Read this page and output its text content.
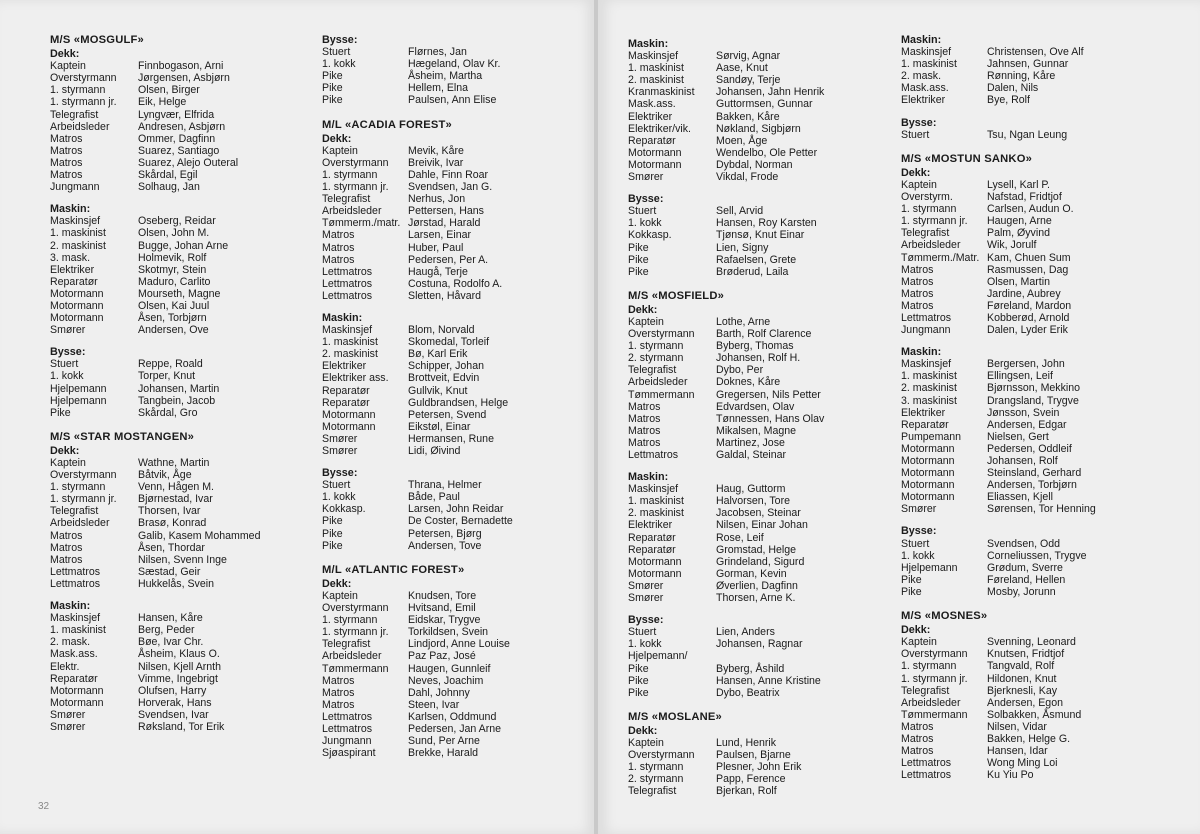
M/S «MOSGULF»
Dekk:
Kaptein	Finnbogason, Arni
Overstyrmann	Jørgensen, Asbjørn
1. styrmann	Olsen, Birger
1. styrmann jr.	Eik, Helge
Telegrafist	Lyngvær, Elfrida
Arbeidsleder	Andresen, Asbjørn
Matros	Ommer, Dagfinn
Matros	Suarez, Santiago
Matros	Suarez, Alejo Outeral
Matros	Skårdal, Egil
Jungmann	Solhaug, Jan
Maskin:
Maskinsjef	Oseberg, Reidar
1. maskinist	Olsen, John M.
2. maskinist	Bugge, Johan Arne
3. mask.	Holmevik, Rolf
Elektriker	Skotmyr, Stein
Reparatør	Maduro, Carlito
Motormann	Mourseth, Magne
Motormann	Olsen, Kai Juul
Motormann	Åsen, Torbjørn
Smører	Andersen, Ove
Bysse:
Stuert	Reppe, Roald
1. kokk	Torper, Knut
Hjelpemann	Johansen, Martin
Hjelpemann	Tangbein, Jacob
Pike	Skårdal, Gro
M/S «STAR MOSTANGEN»
Dekk:
Kaptein	Wathne, Martin
Overstyrmann	Båtvik, Åge
1. styrmann	Venn, Hågen M.
1. styrmann jr.	Bjørnestad, Ivar
Telegrafist	Thorsen, Ivar
Arbeidsleder	Brasø, Konrad
Matros	Galib, Kasem Mohammed
Matros	Åsen, Thordar
Matros	Nilsen, Svenn Inge
Lettmatros	Sæstad, Geir
Lettmatros	Hukkelås, Svein
Maskin:
Maskinsjef	Hansen, Kåre
1. maskinist	Berg, Peder
2. mask.	Bøe, Ivar Chr.
Mask.ass.	Åsheim, Klaus O.
Elektr.	Nilsen, Kjell Arnth
Reparatør	Vimme, Ingebrigt
Motormann	Olufsen, Harry
Motormann	Horverak, Hans
Smører	Svendsen, Ivar
Smører	Røksland, Tor Erik
Bysse:
Stuert	Flørnes, Jan
1. kokk	Hægeland, Olav Kr.
Pike	Åsheim, Martha
Pike	Hellem, Elna
Pike	Paulsen, Ann Elise
M/L «ACADIA FOREST»
Dekk:
Kaptein	Mevik, Kåre
Overstyrmann	Breivik, Ivar
1. styrmann	Dahle, Finn Roar
1. styrmann jr.	Svendsen, Jan G.
Telegrafist	Nerhus, Jon
Arbeidsleder	Pettersen, Hans
Tømmerm./matr. Jørstad, Harald
Matros	Larsen, Einar
Matros	Huber, Paul
Matros	Pedersen, Per A.
Lettmatros	Haugå, Terje
Lettmatros	Costuna, Rodolfo A.
Lettmatros	Sletten, Håvard
Maskin:
Maskinsjef	Blom, Norvald
1. maskinist	Skomedal, Torleif
2. maskinist	Bø, Karl Erik
Elektriker	Schipper, Johan
Elektriker ass.	Brottveit, Edvin
Reparatør	Gullvik, Knut
Reparatør	Guldbrandsen, Helge
Motormann	Petersen, Svend
Motormann	Eikstøl, Einar
Smører	Hermansen, Rune
Smører	Lidi, Øivind
Bysse:
Stuert	Thrana, Helmer
1. kokk	Både, Paul
Kokkasp.	Larsen, John Reidar
Pike	De Coster, Bernadette
Pike	Petersen, Bjørg
Pike	Andersen, Tove
M/L «ATLANTIC FOREST»
Dekk:
Kaptein	Knudsen, Tore
Overstyrmann	Hvitsand, Emil
1. styrmann	Eidskar, Trygve
1. styrmann jr.	Torkildsen, Svein
Telegrafist	Lindjord, Anne Louise
Arbeidsleder	Paz Paz, José
Tømmermann	Haugen, Gunnleif
Matros	Neves, Joachim
Matros	Dahl, Johnny
Matros	Steen, Ivar
Lettmatros	Karlsen, Oddmund
Lettmatros	Pedersen, Jan Arne
Jungmann	Sund, Per Arne
Sjøaspirant	Brekke, Harald
32
Maskin:
Maskinsjef	Sørvig, Agnar
1. maskinist	Aase, Knut
2. maskinist	Sandøy, Terje
Kranmaskinist	Johansen, Jahn Henrik
Mask.ass.	Guttormsen, Gunnar
Elektriker	Bakken, Kåre
Elektriker/vik.	Nøkland, Sigbjørn
Reparatør	Moen, Åge
Motormann	Wendelbo, Ole Petter
Motormann	Dybdal, Norman
Smører	Vikdal, Frode
Bysse:
Stuert	Sell, Arvid
1. kokk	Hansen, Roy Karsten
Kokkasp.	Tjønsø, Knut Einar
Pike	Lien, Signy
Pike	Rafaelsen, Grete
Pike	Brøderud, Laila
M/S «MOSFIELD»
Dekk:
Kaptein	Lothe, Arne
Overstyrmann	Barth, Rolf Clarence
1. styrmann	Byberg, Thomas
2. styrmann	Johansen, Rolf H.
Telegrafist	Dybo, Per
Arbeidsleder	Doknes, Kåre
Tømmermann	Gregersen, Nils Petter
Matros	Edvardsen, Olav
Matros	Tønnessen, Hans Olav
Matros	Mikalsen, Magne
Matros	Martinez, Jose
Lettmatros	Galdal, Steinar
Maskin:
Maskinsjef	Haug, Guttorm
1. maskinist	Halvorsen, Tore
2. maskinist	Jacobsen, Steinar
Elektriker	Nilsen, Einar Johan
Reparatør	Rose, Leif
Reparatør	Gromstad, Helge
Motormann	Grindeland, Sigurd
Motormann	Gorman, Kevin
Smører	Øverlien, Dagfinn
Smører	Thorsen, Arne K.
Bysse:
Stuert	Lien, Anders
1. kokk	Johansen, Ragnar
Hjelpemann/
Pike	Byberg, Åshild
Pike	Hansen, Anne Kristine
Pike	Dybo, Beatrix
M/S «MOSLANE»
Dekk:
Kaptein	Lund, Henrik
Overstyrmann	Paulsen, Bjarne
1. styrmann	Plesner, John Erik
2. styrmann	Papp, Ference
Telegrafist	Bjerkan, Rolf
Maskin:
Maskinsjef	Christensen, Ove Alf
1. maskinist	Jahnsen, Gunnar
2. mask.	Rønning, Kåre
Mask.ass.	Dalen, Nils
Elektriker	Bye, Rolf
Bysse:
Stuert	Tsu, Ngan Leung
M/S «MOSTUN SANKO»
Dekk:
Kaptein	Lysell, Karl P.
Overstyrm.	Nafstad, Fridtjof
1. styrmann	Carlsen, Audun O.
1. styrmann jr.	Haugen, Arne
Telegrafist	Palm, Øyvind
Arbeidsleder	Wik, Jorulf
Tømmerm./Matr. Kam, Chuen Sum
Matros	Rasmussen, Dag
Matros	Olsen, Martin
Matros	Jardine, Aubrey
Matros	Føreland, Mardon
Lettmatros	Kobberød, Arnold
Jungmann	Dalen, Lyder Erik
Maskin:
Maskinsjef	Bergersen, John
1. maskinist	Ellingsen, Leif
2. maskinist	Bjørnsson, Mekkino
3. maskinist	Drangsland, Trygve
Elektriker	Jønsson, Svein
Reparatør	Andersen, Edgar
Pumpemann	Nielsen, Gert
Motormann	Pedersen, Oddleif
Motormann	Johansen, Rolf
Motormann	Steinsland, Gerhard
Motormann	Andersen, Torbjørn
Motormann	Eliassen, Kjell
Smører	Sørensen, Tor Henning
Bysse:
Stuert	Svendsen, Odd
1. kokk	Corneliussen, Trygve
Hjelpemann	Grødum, Sverre
Pike	Føreland, Hellen
Pike	Mosby, Jorunn
M/S «MOSNES»
Dekk:
Kaptein	Svenning, Leonard
Overstyrmann	Knutsen, Fridtjof
1. styrmann	Tangvald, Rolf
1. styrmann jr.	Hildonen, Knut
Telegrafist	Bjerknesli, Kay
Arbeidsleder	Andersen, Egon
Tømmermann	Solbakken, Åsmund
Matros	Nilsen, Vidar
Matros	Bakken, Helge G.
Matros	Hansen, Idar
Lettmatros	Wong Ming Loi
Lettmatros	Ku Yiu Po
